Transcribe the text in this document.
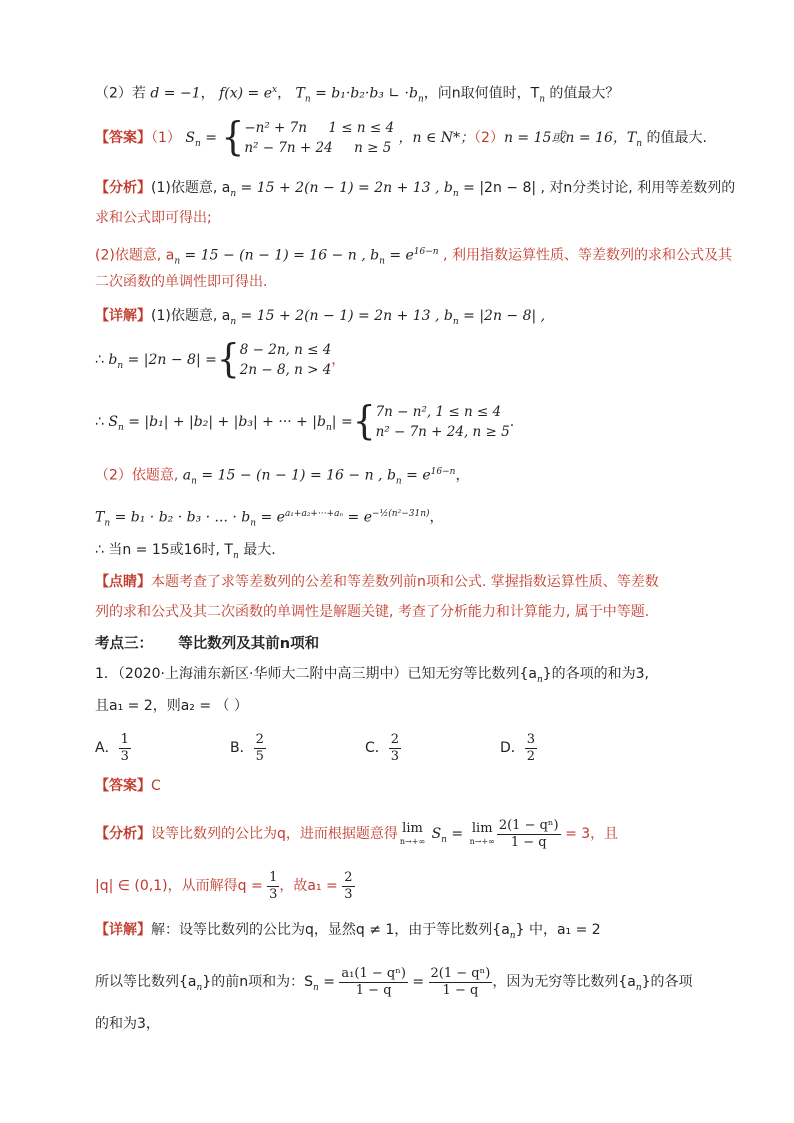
（2）若 d = −1， $f(x) = e^x$， $T_n = b_1\cdot b_2\cdot b_3$ ∟ $\cdot b_n$，问n取何值时，$T_n$ 的值最大？
【答案】（1） $S_n$ = { −n² + 7n 1 ≤ n ≤ 4
n² − 7n + 24 n ≥ 5
，n ∈ N*；（2）n = 15或n = 16，$T_n$ 的值最大.
【分析】(1)依题意, $a_n = 15 + 2(n - 1) = 2n + 13$ , $b_n = |2n - 8|$ , 对n分类讨论, 利用等差数列的
求和公式即可得出;
(2)依题意, $a_n = 15 - (n - 1) = 16 - n$ , $b_n = e^{16-n}$ , 利用指数运算性质、等差数列的求和公式及其
二次函数的单调性即可得出.
【详解】(1)依题意, $a_n = 15 + 2(n - 1) = 2n + 13$ , $b_n = |2n - 8|$ ,
∴ $b_n = |2n - 8|$ ={ 8 − 2n, n ≤ 4
2n − 8, n > 4
，
∴ $S_n = |b_1| + |b_2| + |b_3|$ + ··· + $|b_n|$ ={ 7n − n², 1 ≤ n ≤ 4
n² − 7n + 24, n ≥ 5
.
（2）依题意, $a_n = 15 - (n - 1) = 16 - n$ , $b_n = e^{16-n}$，
$T_n = b_1 \cdot b_2 \cdot b_3$ · ... · $b_n = e^{a_1+a_2+\cdot\cdot\cdot+a_n} = e^{-\frac{1}{2}(n^2-31n)}$，
∴ 当n = 15或16时, $T_n$ 最大.
【点睛】本题考查了求等差数列的公差和等差数列前n项和公式. 掌握指数运算性质、等差数
列的求和公式及其二次函数的单调性是解题关键, 考查了分析能力和计算能力, 属于中等题.
考点三： 等比数列及其前n项和
1．（2020·上海浦东新区·华师大二附中高三期中）已知无穷等比数列$\{a_n\}$的各项的和为3,
且a₁ = 2，则a₂ = （ ）
A． $\frac{1}{3}$	B． $\frac{2}{5}$	C． $\frac{2}{3}$	D． $\frac{3}{2}$
【答案】C
【分析】设等比数列的公比为q，进而根据题意得 lim
n→+∞ $S_n = \lim$
$n\to+\infty \frac{\text{2(1 − qⁿ)}}{1 - q} = 3$，且
|q| ∈ (0,1)，从而解得$q = \frac{1}{3}$ ，故$a_1 = \frac{2}{3}$
【详解】解：设等比数列的公比为q，显然q ≠ 1，由于等比数列$\{a_n\}$ 中，a₁ = 2
所以等比数列$\{a_n\}$的前n项和为：$S_n = \frac{\text{a₁(1 − qⁿ)}}{1 - q} = \frac{\text{2(1 − qⁿ)}}{1 - q}$ ，因为无穷等比数列$\{a_n\}$的各项
的和为3，
